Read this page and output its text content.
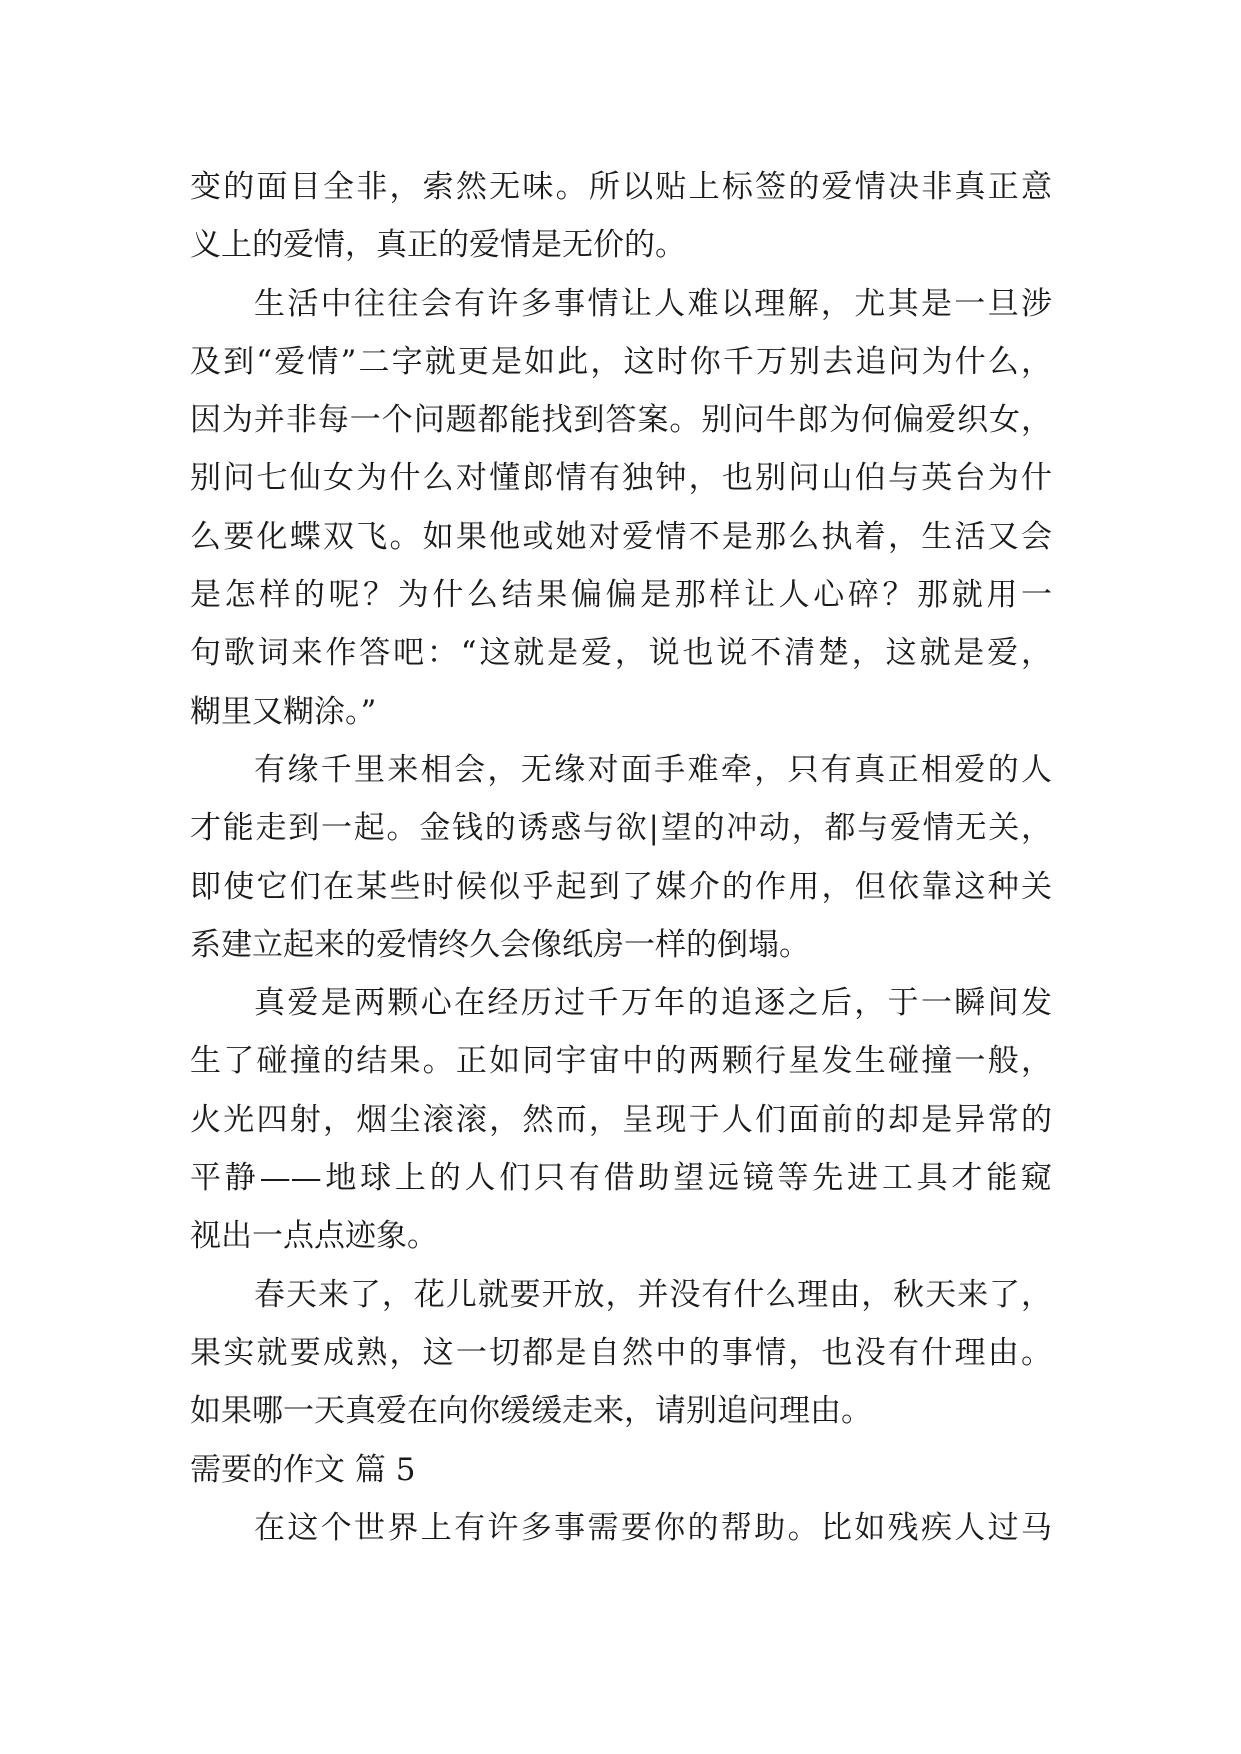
变的面目全非，索然无味。所以贴上标签的爱情决非真正意
义上的爱情，真正的爱情是无价的。
生活中往往会有许多事情让人难以理解，尤其是一旦涉
及到“爱情”二字就更是如此，这时你千万别去追问为什么，
因为并非每一个问题都能找到答案。别问牛郎为何偏爱织女，
别问七仙女为什么对懂郎情有独钟，也别问山伯与英台为什
么要化蝶双飞。如果他或她对爱情不是那么执着，生活又会
是怎样的呢？为什么结果偏偏是那样让人心碎？那就用一
句歌词来作答吧：“这就是爱，说也说不清楚，这就是爱，
糊里又糊涂。”
有缘千里来相会，无缘对面手难牵，只有真正相爱的人
才能走到一起。金钱的诱惑与欲|望的冲动，都与爱情无关，
即使它们在某些时候似乎起到了媒介的作用，但依靠这种关
系建立起来的爱情终久会像纸房一样的倒塌。
真爱是两颗心在经历过千万年的追逐之后，于一瞬间发
生了碰撞的结果。正如同宇宙中的两颗行星发生碰撞一般，
火光四射，烟尘滚滚，然而，呈现于人们面前的却是异常的
平静——地球上的人们只有借助望远镜等先进工具才能窥
视出一点点迹象。
春天来了，花儿就要开放，并没有什么理由，秋天来了，
果实就要成熟，这一切都是自然中的事情，也没有什理由。
如果哪一天真爱在向你缓缓走来，请别追问理由。
需要的作文 篇 5
在这个世界上有许多事需要你的帮助。比如残疾人过马
